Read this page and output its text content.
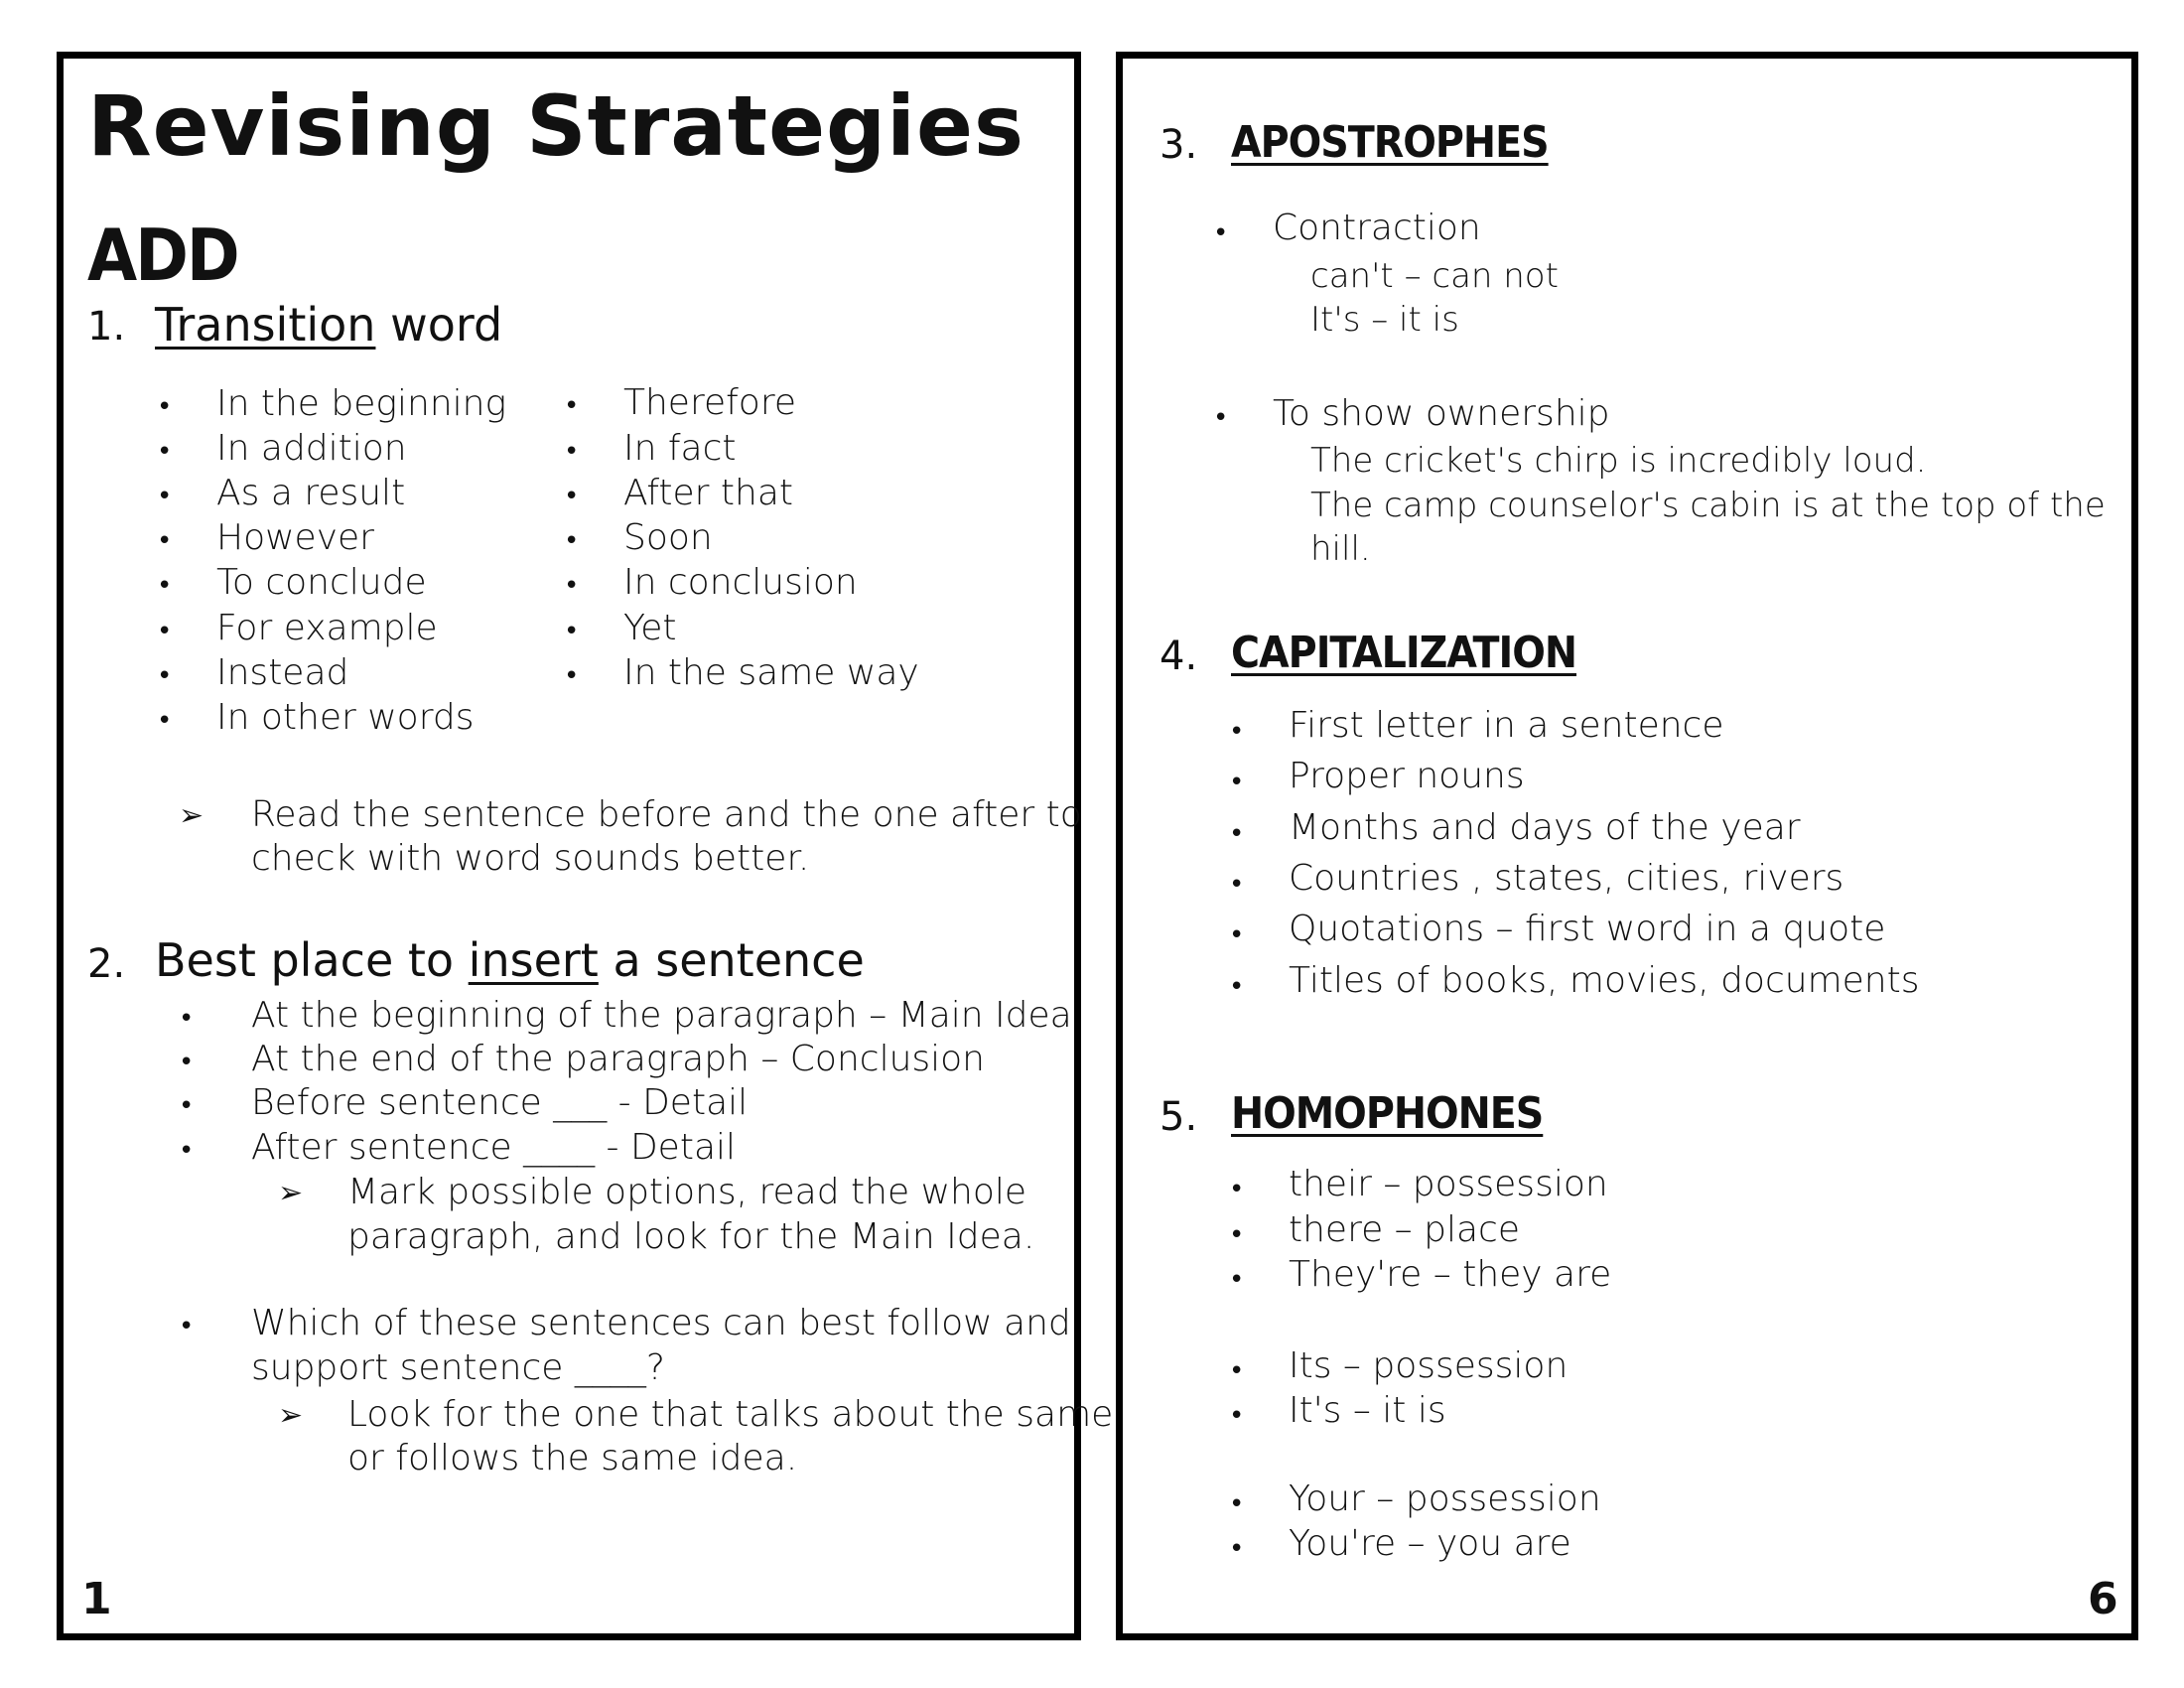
Revising Strategies
ADD
1. Transition word
• In the beginning
• In addition
• As a result
• However
• To conclude
• For example
• Instead
• In other words
• Therefore
• In fact
• After that
• Soon
• In conclusion
• Yet
• In the same way
➢ Read the sentence before and the one after to
check with word sounds better.
2. Best place to insert a sentence
• At the beginning of the paragraph – Main Idea
• At the end of the paragraph – Conclusion
• Before sentence ___ - Detail
• After sentence ____ - Detail
➢ Mark possible options, read the whole
paragraph, and look for the Main Idea.
• Which of these sentences can best follow and
support sentence ____?
➢ Look for the one that talks about the same
or follows the same idea.
1
3. APOSTROPHES
• Contraction
can't – can not
It's – it is
• To show ownership
The cricket's chirp is incredibly loud.
The camp counselor's cabin is at the top of the
hill.
4. CAPITALIZATION
• First letter in a sentence
• Proper nouns
• Months and days of the year
• Countries , states, cities, rivers
• Quotations – first word in a quote
• Titles of books, movies, documents
5. HOMOPHONES
• their – possession
• there – place
• They're – they are
• Its – possession
• It's – it is
• Your – possession
• You're – you are
6
